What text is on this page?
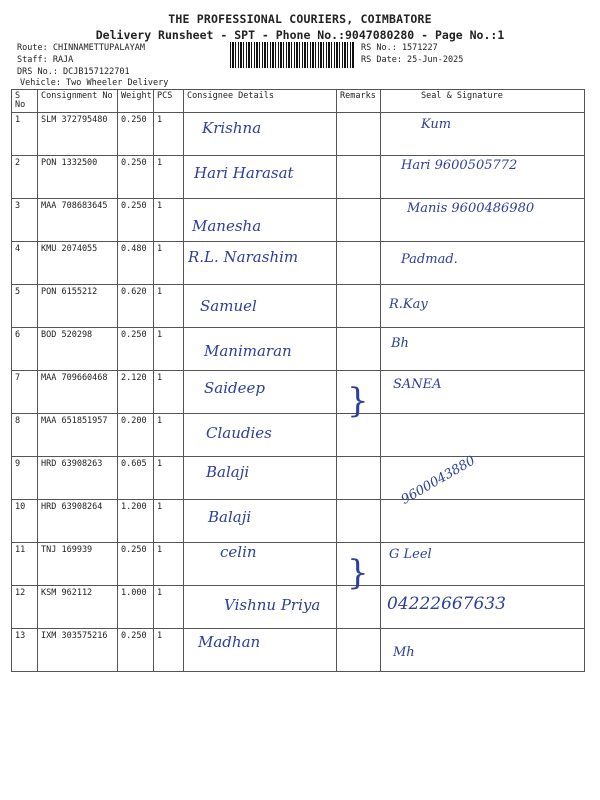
THE PROFESSIONAL COURIERS, COIMBATORE
Delivery Runsheet - SPT - Phone No.:9047080280 - Page No.:1
Route: CHINNAMETTUPALAYAM
Staff: RAJA
DRS No.: DCJB157122701
Vehicle: Two Wheeler Delivery
RS No.: 1571227
RS Date: 25-Jun-2025
S No	Consignment No	Weight	PCS	Consignee Details	Remarks	Seal & Signature
1	SLM 372795480	0.250	1	Krishna		Kum

2	PON 1332500	0.250	1	Hari Harasat		Hari 9600505772

3	MAA 708683645	0.250	1	Manesha		Manis 9600486980

4	KMU 2074055	0.480	1	R.L. Narashim		Padmad.

5	PON 6155212	0.620	1	Samuel		R.Kay

6	BOD 520298	0.250	1	Manimaran		Bh

7	MAA 709660468	2.120	1	Saideep	}	SANEA

8	MAA 651851957	0.200	1	Claudies		

9	HRD 63908263	0.605	1	Balaji		9600043880

10	HRD 63908264	1.200	1	Balaji		

11	TNJ 169939	0.250	1	celin	}	G Leel

12	KSM 962112	1.000	1	Vishnu Priya		04222667633

13	IXM 303575216	0.250	1	Madhan		Mh
